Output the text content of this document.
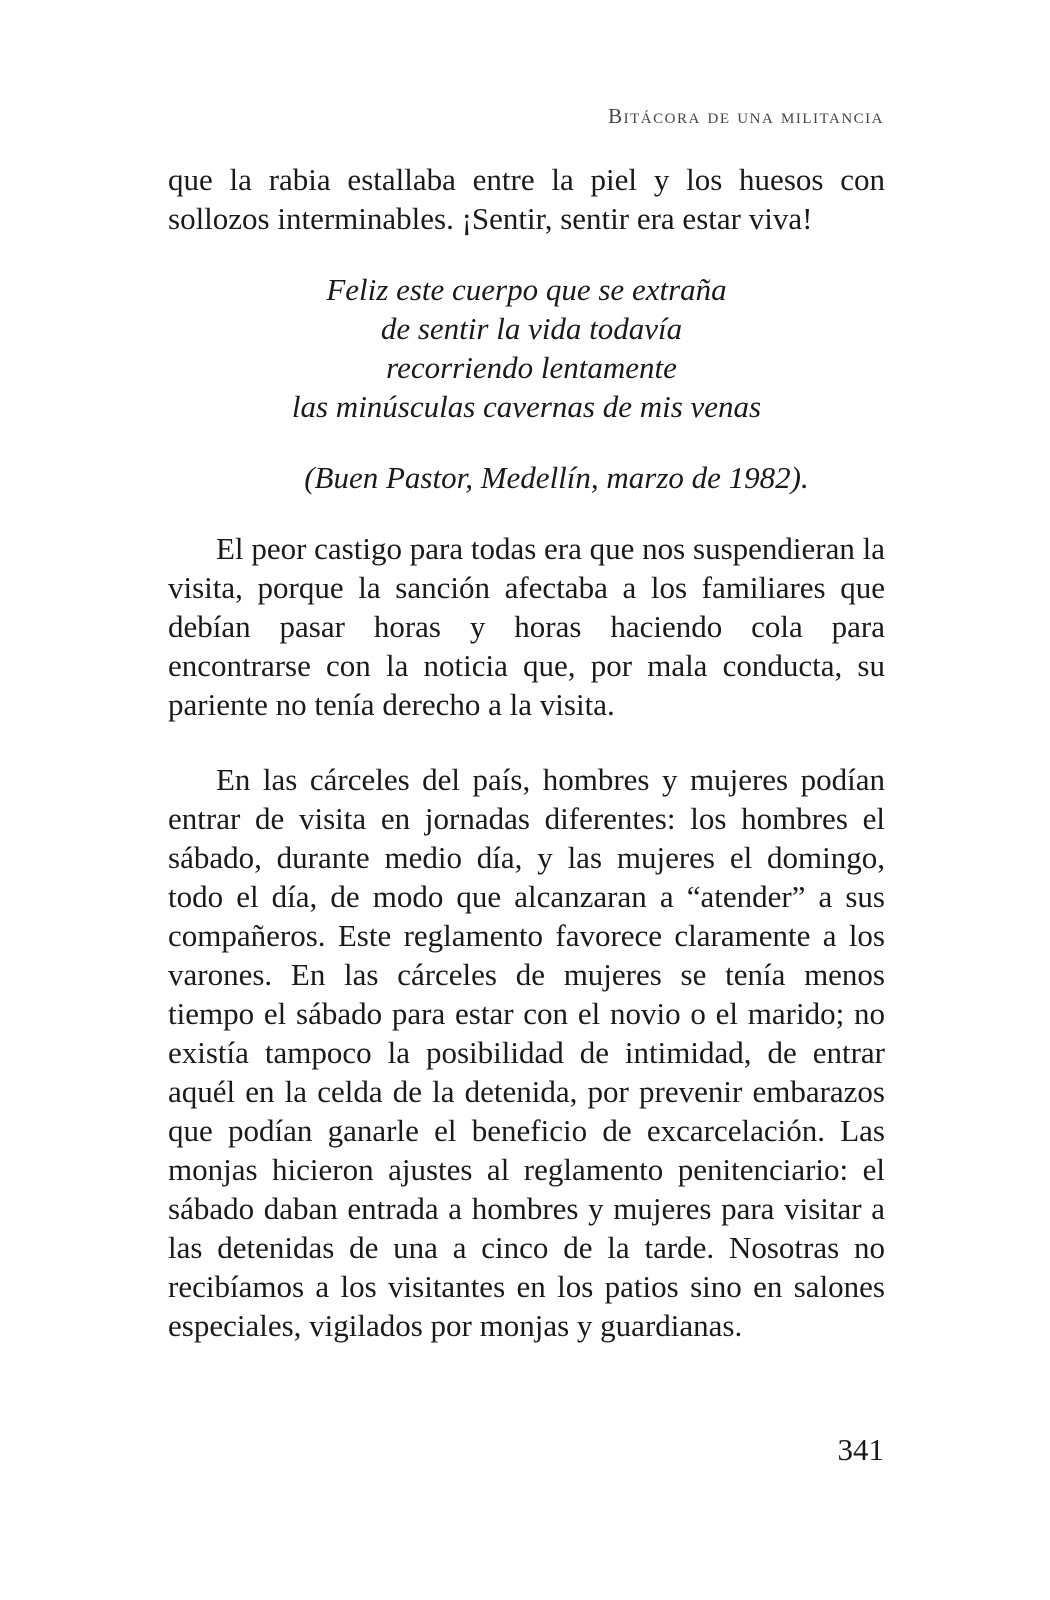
Bitácora de una militancia

que la rabia estallaba entre la piel y los huesos con sollozos interminables. ¡Sentir, sentir era estar viva!

Feliz este cuerpo que se extraña
de sentir la vida todavía
recorriendo lentamente
las minúsculas cavernas de mis venas

(Buen Pastor, Medellín, marzo de 1982).

El peor castigo para todas era que nos suspendieran la visita, porque la sanción afectaba a los familiares que debían pasar horas y horas haciendo cola para encontrarse con la noticia que, por mala conducta, su pariente no tenía derecho a la visita.

En las cárceles del país, hombres y mujeres podían entrar de visita en jornadas diferentes: los hombres el sábado, durante medio día, y las mujeres el domingo, todo el día, de modo que alcanzaran a “atender” a sus compañeros. Este reglamento favorece claramente a los varones. En las cárceles de mujeres se tenía menos tiempo el sábado para estar con el novio o el marido; no existía tampoco la posibilidad de intimidad, de entrar aquél en la celda de la detenida, por prevenir embarazos que podían ganarle el beneficio de excarcelación. Las monjas hicieron ajustes al reglamento penitenciario: el sábado daban entrada a hombres y mujeres para visitar a las detenidas de una a cinco de la tarde. Nosotras no recibíamos a los visitantes en los patios sino en salones especiales, vigilados por monjas y guardianas.

341
